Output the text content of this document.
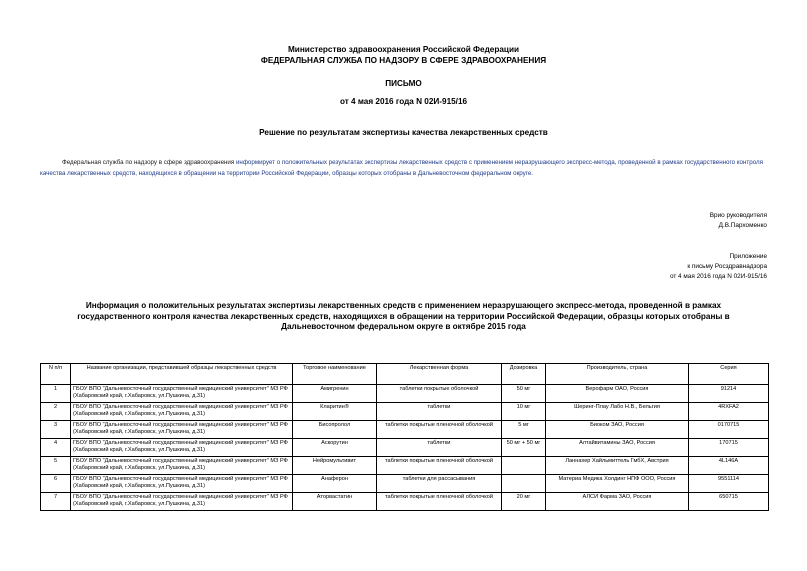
Министерство здравоохранения Российской Федерации
ФЕДЕРАЛЬНАЯ СЛУЖБА ПО НАДЗОРУ В СФЕРЕ ЗДРАВООХРАНЕНИЯ
ПИСЬМО
от 4 мая 2016 года N 02И-915/16
Решение по результатам экспертизы качества лекарственных средств
Федеральная служба по надзору в сфере здравоохранения информирует о положительных результатах экспертизы лекарственных средств с применением неразрушающего экспресс-метода, проведенной в рамках государственного контроля качества лекарственных средств, находящихся в обращении на территории Российской Федерации, образцы которых отобраны в Дальневосточном федеральном округе.
Врио руководителя
Д.В.Пархоменко
Приложение
к письму Росздравнадзора
от 4 мая 2016 года N 02И-915/16
Информация о положительных результатах экспертизы лекарственных средств с применением неразрушающего экспресс-метода, проведенной в рамках государственного контроля качества лекарственных средств, находящихся в обращении на территории Российской Федерации, образцы которых отобраны в Дальневосточном федеральном округе в октябре 2015 года
N п/п	Название организации, представившей образцы лекарственных средств	Торговое наименование	Лекарственная форма	Дозировка	Производитель, страна	Серия
1	ГБОУ ВПО "Дальневосточный государственный медицинский университет" МЗ РФ (Хабаровский край, г.Хабаровск, ул.Пушкина, д.31)	Амигренин	таблетки покрытые оболочкой	50 мг	Верофарм ОАО, Россия	91214
2	ГБОУ ВПО "Дальневосточный государственный медицинский университет" МЗ РФ (Хабаровский край, г.Хабаровск, ул.Пушкина, д.31)	Кларитин®	таблетки	10 мг	Шеринг-Плау Лабо Н.В., Бельгия	4RXFA2
3	ГБОУ ВПО "Дальневосточный государственный медицинский университет" МЗ РФ (Хабаровский край, г.Хабаровск, ул.Пушкина, д.31)	Бисопролол	таблетки покрытые пленочной оболочкой	5 мг	Биоком ЗАО, Россия	0170715
4	ГБОУ ВПО "Дальневосточный государственный медицинский университет" МЗ РФ (Хабаровский край, г.Хабаровск, ул.Пушкина, д.31)	Аскорутин	таблетки	50 мг + 50 мг	Алтайвитамины ЗАО, Россия	170715
5	ГБОУ ВПО "Дальневосточный государственный медицинский университет" МЗ РФ (Хабаровский край, г.Хабаровск, ул.Пушкина, д.31)	Нейромультивит	таблетки покрытые пленочной оболочкой		Ланнахер Хайльмиттель ГмбХ, Австрия	4L146A
6	ГБОУ ВПО "Дальневосточный государственный медицинский университет" МЗ РФ (Хабаровский край, г.Хабаровск, ул.Пушкина, д.31)	Анаферон	таблетки для рассасывания		Материа Медика Холдинг НПФ ООО, Россия	9551114
7	ГБОУ ВПО "Дальневосточный государственный медицинский университет" МЗ РФ (Хабаровский край, г.Хабаровск, ул.Пушкина, д.31)	Аторвастатин	таблетки покрытые пленочной оболочкой	20 мг	АЛСИ Фарма ЗАО, Россия	650715
